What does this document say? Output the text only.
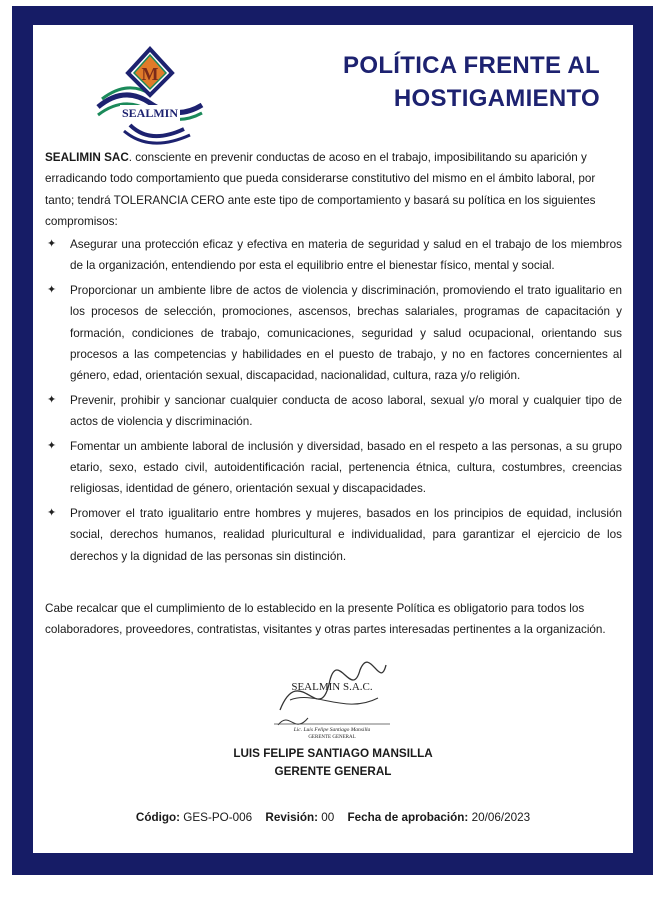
M
SEALMIN
POLÍTICA FRENTE AL
HOSTIGAMIENTO

SEALIMIN SAC. consciente en prevenir conductas de acoso en el trabajo, imposibilitando su aparición y erradicando todo comportamiento que pueda considerarse constitutivo del mismo en el ámbito laboral, por tanto; tendrá TOLERANCIA CERO ante este tipo de comportamiento y basará su política en los siguientes compromisos:

✦ Asegurar una protección eficaz y efectiva en materia de seguridad y salud en el trabajo de los miembros de la organización, entendiendo por esta el equilibrio entre el bienestar físico, mental y social.
✦ Proporcionar un ambiente libre de actos de violencia y discriminación, promoviendo el trato igualitario en los procesos de selección, promociones, ascensos, brechas salariales, programas de capacitación y formación, condiciones de trabajo, comunicaciones, seguridad y salud ocupacional, orientando sus procesos a las competencias y habilidades en el puesto de trabajo, y no en factores concernientes al género, edad, orientación sexual, discapacidad, nacionalidad, cultura, raza y/o religión.
✦ Prevenir, prohibir y sancionar cualquier conducta de acoso laboral, sexual y/o moral y cualquier tipo de actos de violencia y discriminación.
✦ Fomentar un ambiente laboral de inclusión y diversidad, basado en el respeto a las personas, a su grupo etario, sexo, estado civil, autoidentificación racial, pertenencia étnica, cultura, costumbres, creencias religiosas, identidad de género, orientación sexual y discapacidades.
✦ Promover el trato igualitario entre hombres y mujeres, basados en los principios de equidad, inclusión social, derechos humanos, realidad pluricultural e individualidad, para garantizar el ejercicio de los derechos y la dignidad de las personas sin distinción.

Cabe recalcar que el cumplimiento de lo establecido en la presente Política es obligatorio para todos los colaboradores, proveedores, contratistas, visitantes y otras partes interesadas pertinentes a la organización.

SEALMIN S.A.C.
Lic. Luis Felipe Santiago Mansilla
GERENTE GENERAL
LUIS FELIPE SANTIAGO MANSILLA
GERENTE GENERAL
Código: GES-PO-006 Revisión: 00 Fecha de aprobación: 20/06/2023
